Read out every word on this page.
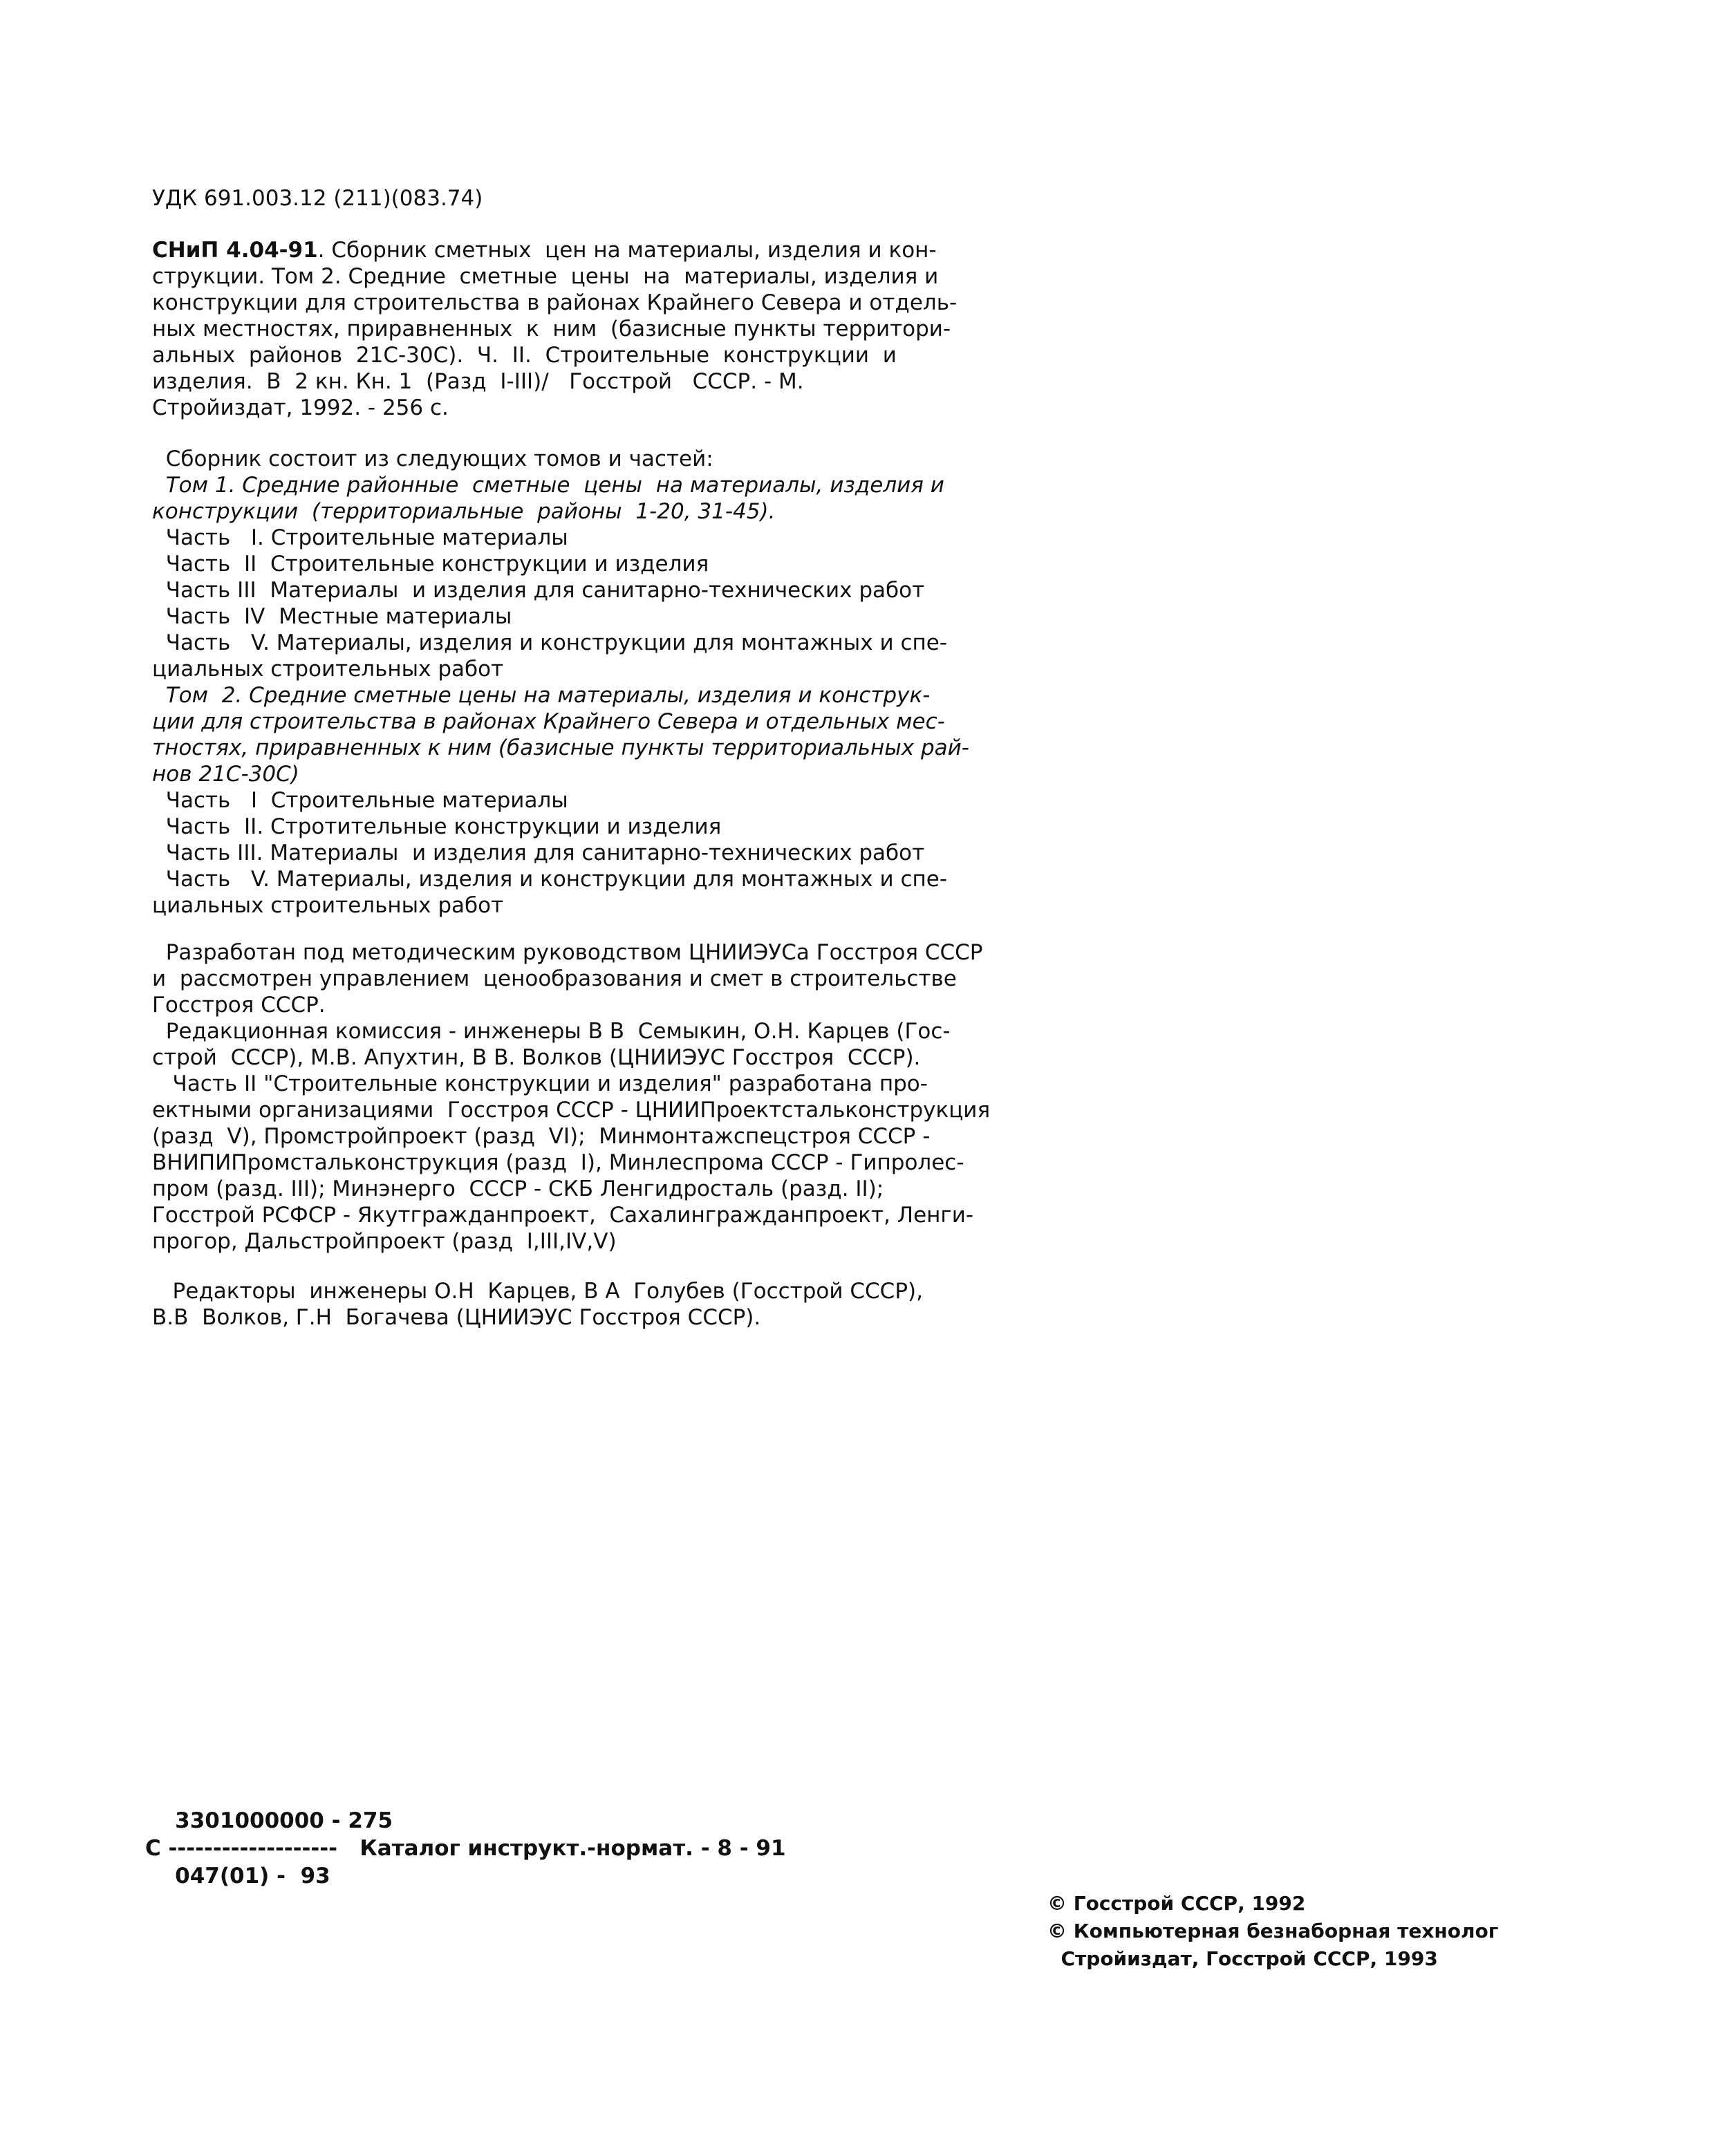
УДК 691.003.12 (211)(083.74)
СНиП 4.04-91. Сборник сметных  цен на материалы, изделия и кон-
струкции. Том 2. Средние  сметные  цены  на  материалы, изделия и
конструкции для строительства в районах Крайнего Севера и отдель-
ных местностях, приравненных  к  ним  (базисные пункты территори-
альных  районов  21С-30С).  Ч.  II.  Строительные  конструкции  и
изделия.  В  2 кн. Кн. 1  (Разд  I-III)/   Госстрой   СССР. - М.
Стройиздат, 1992. - 256 с.
Сборник состоит из следующих томов и частей:
Том 1. Средние районные  сметные  цены  на материалы, изделия и
конструкции  (территориальные  районы  1-20, 31-45).
Часть   I. Строительные материалы
Часть  II  Строительные конструкции и изделия
Часть III  Материалы  и изделия для санитарно-технических работ
Часть  IV  Местные материалы
Часть   V. Материалы, изделия и конструкции для монтажных и спе-
циальных строительных работ
Том  2. Средние сметные цены на материалы, изделия и конструк-
ции для строительства в районах Крайнего Севера и отдельных мес-
тностях, приравненных к ним (базисные пункты территориальных рай-
нов 21С-30С)
Часть   I  Строительные материалы
Часть  II. Стротительные конструкции и изделия
Часть III. Материалы  и изделия для санитарно-технических работ
Часть   V. Материалы, изделия и конструкции для монтажных и спе-
циальных строительных работ
Разработан под методическим руководством ЦНИИЭУСа Госстроя СССР
и  рассмотрен управлением  ценообразования и смет в строительстве
Госстроя СССР.
Редакционная комиссия - инженеры В В  Семыкин, О.Н. Карцев (Гос-
строй  СССР), М.В. Апухтин, В В. Волков (ЦНИИЭУС Госстроя  СССР).
Часть II "Строительные конструкции и изделия" разработана про-
ектными организациями  Госстроя СССР - ЦНИИПроектстальконструкция
(разд  V), Промстройпроект (разд  VI);  Минмонтажспецстроя СССР -
ВНИПИПромстальконструкция (разд  I), Минлеспрома СССР - Гипролес-
пром (разд. III); Минэнерго  СССР - СКБ Ленгидросталь (разд. II);
Госстрой РСФСР - Якутгражданпроект,  Сахалингражданпроект, Ленги-
прогор, Дальстройпроект (разд  I,III,IV,V)
Редакторы  инженеры О.Н  Карцев, В А  Голубев (Госстрой СССР),
В.В  Волков, Г.Н  Богачева (ЦНИИЭУС Госстроя СССР).
3301000000 - 275
С -------------------   Каталог инструкт.-нормат. - 8 - 91
047(01) -  93
© Госстрой СССР, 1992
© Компьютерная безнаборная технолог
Стройиздат, Госстрой СССР, 1993
